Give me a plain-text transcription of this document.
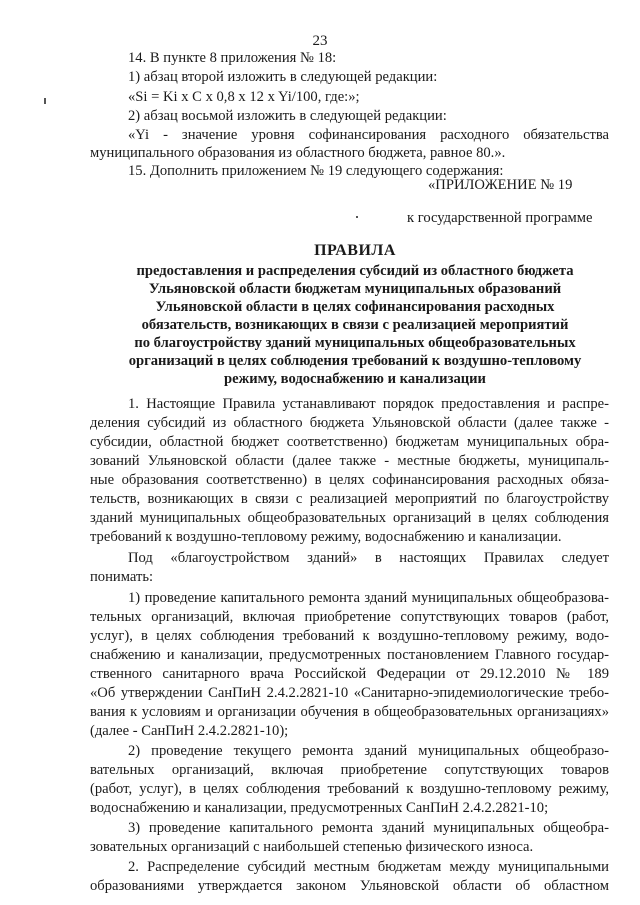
23
14. В пункте 8 приложения № 18:
1) абзац второй изложить в следующей редакции:
«Si = Ki x C x 0,8 x 12 x Yi/100, где:»;
2) абзац восьмой изложить в следующей редакции:
«Yi - значение уровня софинансирования расходного обязательства
муниципального образования из областного бюджета, равное 80.».
15. Дополнить приложением № 19 следующего содержания:
«ПРИЛОЖЕНИЕ № 19
к государственной программе
ПРАВИЛА
предоставления и распределения субсидий из областного бюджета
Ульяновской области бюджетам муниципальных образований
Ульяновской области в целях софинансирования расходных
обязательств, возникающих в связи с реализацией мероприятий
по благоустройству зданий муниципальных общеобразовательных
организаций в целях соблюдения требований к воздушно-тепловому
режиму, водоснабжению и канализации
1. Настоящие Правила устанавливают порядок предоставления и распре-
деления субсидий из областного бюджета Ульяновской области (далее также -
субсидии, областной бюджет соответственно) бюджетам муниципальных обра-
зований Ульяновской области (далее также - местные бюджеты, муниципаль-
ные образования соответственно) в целях софинансирования расходных обяза-
тельств, возникающих в связи с реализацией мероприятий по благоустройству
зданий муниципальных общеобразовательных организаций в целях соблюдения
требований к воздушно-тепловому режиму, водоснабжению и канализации.
Под «благоустройством зданий» в настоящих Правилах следует
понимать:
1) проведение капитального ремонта зданий муниципальных общеобразова-
тельных организаций, включая приобретение сопутствующих товаров (работ,
услуг), в целях соблюдения требований к воздушно-тепловому режиму, водо-
снабжению и канализации, предусмотренных постановлением Главного государ-
ственного санитарного врача Российской Федерации от 29.12.2010 № 189
«Об утверждении СанПиН 2.4.2.2821-10 «Санитарно-эпидемиологические требо-
вания к условиям и организации обучения в общеобразовательных организациях»
(далее - СанПиН 2.4.2.2821-10);
2) проведение текущего ремонта зданий муниципальных общеобразо-
вательных организаций, включая приобретение сопутствующих товаров
(работ, услуг), в целях соблюдения требований к воздушно-тепловому режиму,
водоснабжению и канализации, предусмотренных СанПиН 2.4.2.2821-10;
3) проведение капитального ремонта зданий муниципальных общеобра-
зовательных организаций с наибольшей степенью физического износа.
2. Распределение субсидий местным бюджетам между муниципальными
образованиями утверждается законом Ульяновской области об областном
